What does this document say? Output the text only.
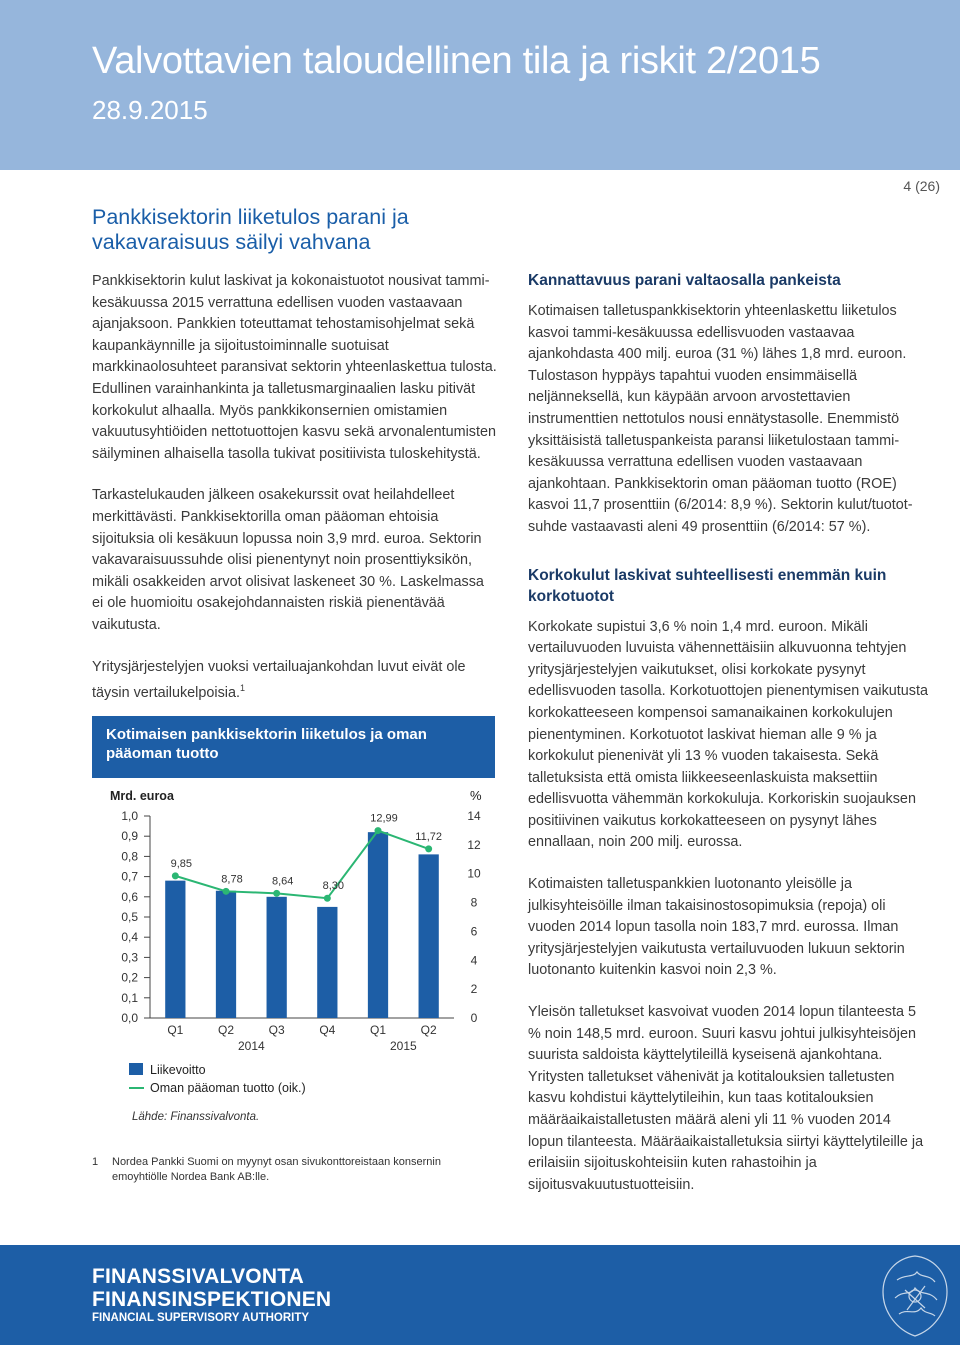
Valvottavien taloudellinen tila ja riskit 2/2015
28.9.2015
4 (26)
Pankkisektorin liiketulos parani ja vakavaraisuus säilyi vahvana

Pankkisektorin kulut laskivat ja kokonaistuotot nousivat tammi-kesäkuussa 2015 verrattuna edellisen vuoden vastaavaan ajanjaksoon. Pankkien toteuttamat tehostamisohjelmat sekä kaupankäynnille ja sijoitustoiminnalle suotuisat markkinaolosuhteet paransivat sektorin yhteenlaskettua tulosta. Edullinen varainhankinta ja talletusmarginaalien lasku pitivät korkokulut alhaalla. Myös pankkikonsernien omistamien vakuutusyhtiöiden nettotuottojen kasvu sekä arvonalentumisten säilyminen alhaisella tasolla tukivat positiivista tuloskehitystä.

Tarkastelukauden jälkeen osakekurssit ovat heilahdelleet merkittävästi. Pankkisektorilla oman pääoman ehtoisia sijoituksia oli kesäkuun lopussa noin 3,9 mrd. euroa. Sektorin vakavaraisuussuhde olisi pienentynyt noin prosenttiyksikön, mikäli osakkeiden arvot olisivat laskeneet 30 %. Laskelmassa ei ole huomioitu osakejohdannaisten riskiä pienentävää vaikutusta.

Yritysjärjestelyjen vuoksi vertailuajankohdan luvut eivät ole täysin vertailukelpoisia.$^1$

Kotimaisen pankkisektorin liiketulos ja oman pääoman tuotto
Mrd. euroa	%
1,0
0,9
0,8
0,7
0,6
0,5
0,4
0,3
0,2
0,1
0,0
14
12
10
8
6
4
2
0
9,85
8,78	8,64	8,30
12,99
11,72
Q1	Q2	Q3	Q4	Q1	Q2
2014	2015
Liikevoitto
Oman pääoman tuotto (oik.)
Lähde: Finanssivalvonta.
1	Nordea Pankki Suomi on myynyt osan sivukonttoreistaan konsernin emoyhtiölle Nordea Bank AB:lle.
Kannattavuus parani valtaosalla pankeista

Kotimaisen talletuspankkisektorin yhteenlaskettu liiketulos kasvoi tammi-kesäkuussa edellisvuoden vastaavaa ajankohdasta 400 milj. euroa (31 %) lähes 1,8 mrd. euroon. Tulostason hyppäys tapahtui vuoden ensimmäisellä neljänneksellä, kun käypään arvoon arvostettavien instrumenttien nettotulos nousi ennätystasolle. Enemmistö yksittäisistä talletuspankeista paransi liiketulostaan tammi-kesäkuussa verrattuna edellisen vuoden vastaavaan ajankohtaan. Pankkisektorin oman pääoman tuotto (ROE) kasvoi 11,7 prosenttiin (6/2014: 8,9 %). Sektorin kulut/tuotot-suhde vastaavasti aleni 49 prosenttiin (6/2014: 57 %).

Korkokulut laskivat suhteellisesti enemmän kuin korkotuotot

Korkokate supistui 3,6 % noin 1,4 mrd. euroon. Mikäli vertailuvuoden luvuista vähennettäisiin alkuvuonna tehtyjen yritysjärjestelyjen vaikutukset, olisi korkokate pysynyt edellisvuoden tasolla. Korkotuottojen pienentymisen vaikutusta korkokatteeseen kompensoi samanaikainen korkokulujen pienentyminen. Korkotuotot laskivat hieman alle 9 % ja korkokulut pienenivät yli 13 % vuoden takaisesta. Sekä talletuksista että omista liikkeeseenlaskuista maksettiin edellisvuotta vähemmän korkokuluja. Korkoriskin suojauksen positiivinen vaikutus korkokatteeseen on pysynyt lähes ennallaan, noin 200 milj. eurossa.

Kotimaisten talletuspankkien luotonanto yleisölle ja julkisyhteisöille ilman takaisinostosopimuksia (repoja) oli vuoden 2014 lopun tasolla noin 183,7 mrd. eurossa. Ilman yritysjärjestelyjen vaikutusta vertailuvuoden lukuun sektorin luotonanto kuitenkin kasvoi noin 2,3 %.

Yleisön talletukset kasvoivat vuoden 2014 lopun tilanteesta 5 % noin 148,5 mrd. euroon. Suuri kasvu johtui julkisyhteisöjen suurista saldoista käyttelytileillä kyseisenä ajankohtana. Yritysten talletukset vähenivät ja kotitalouksien talletusten kasvu kohdistui käyttelytileihin, kun taas kotitalouksien määräaikaistalletusten määrä aleni yli 11 % vuoden 2014 lopun tilanteesta. Määräaikaistalletuksia siirtyi käyttelytileille ja erilaisiin sijoituskohteisiin kuten rahastoihin ja sijoitusvakuutustuotteisiin.

FINANSSIVALVONTA
FINANSINSPEKTIONEN
FINANCIAL SUPERVISORY AUTHORITY
